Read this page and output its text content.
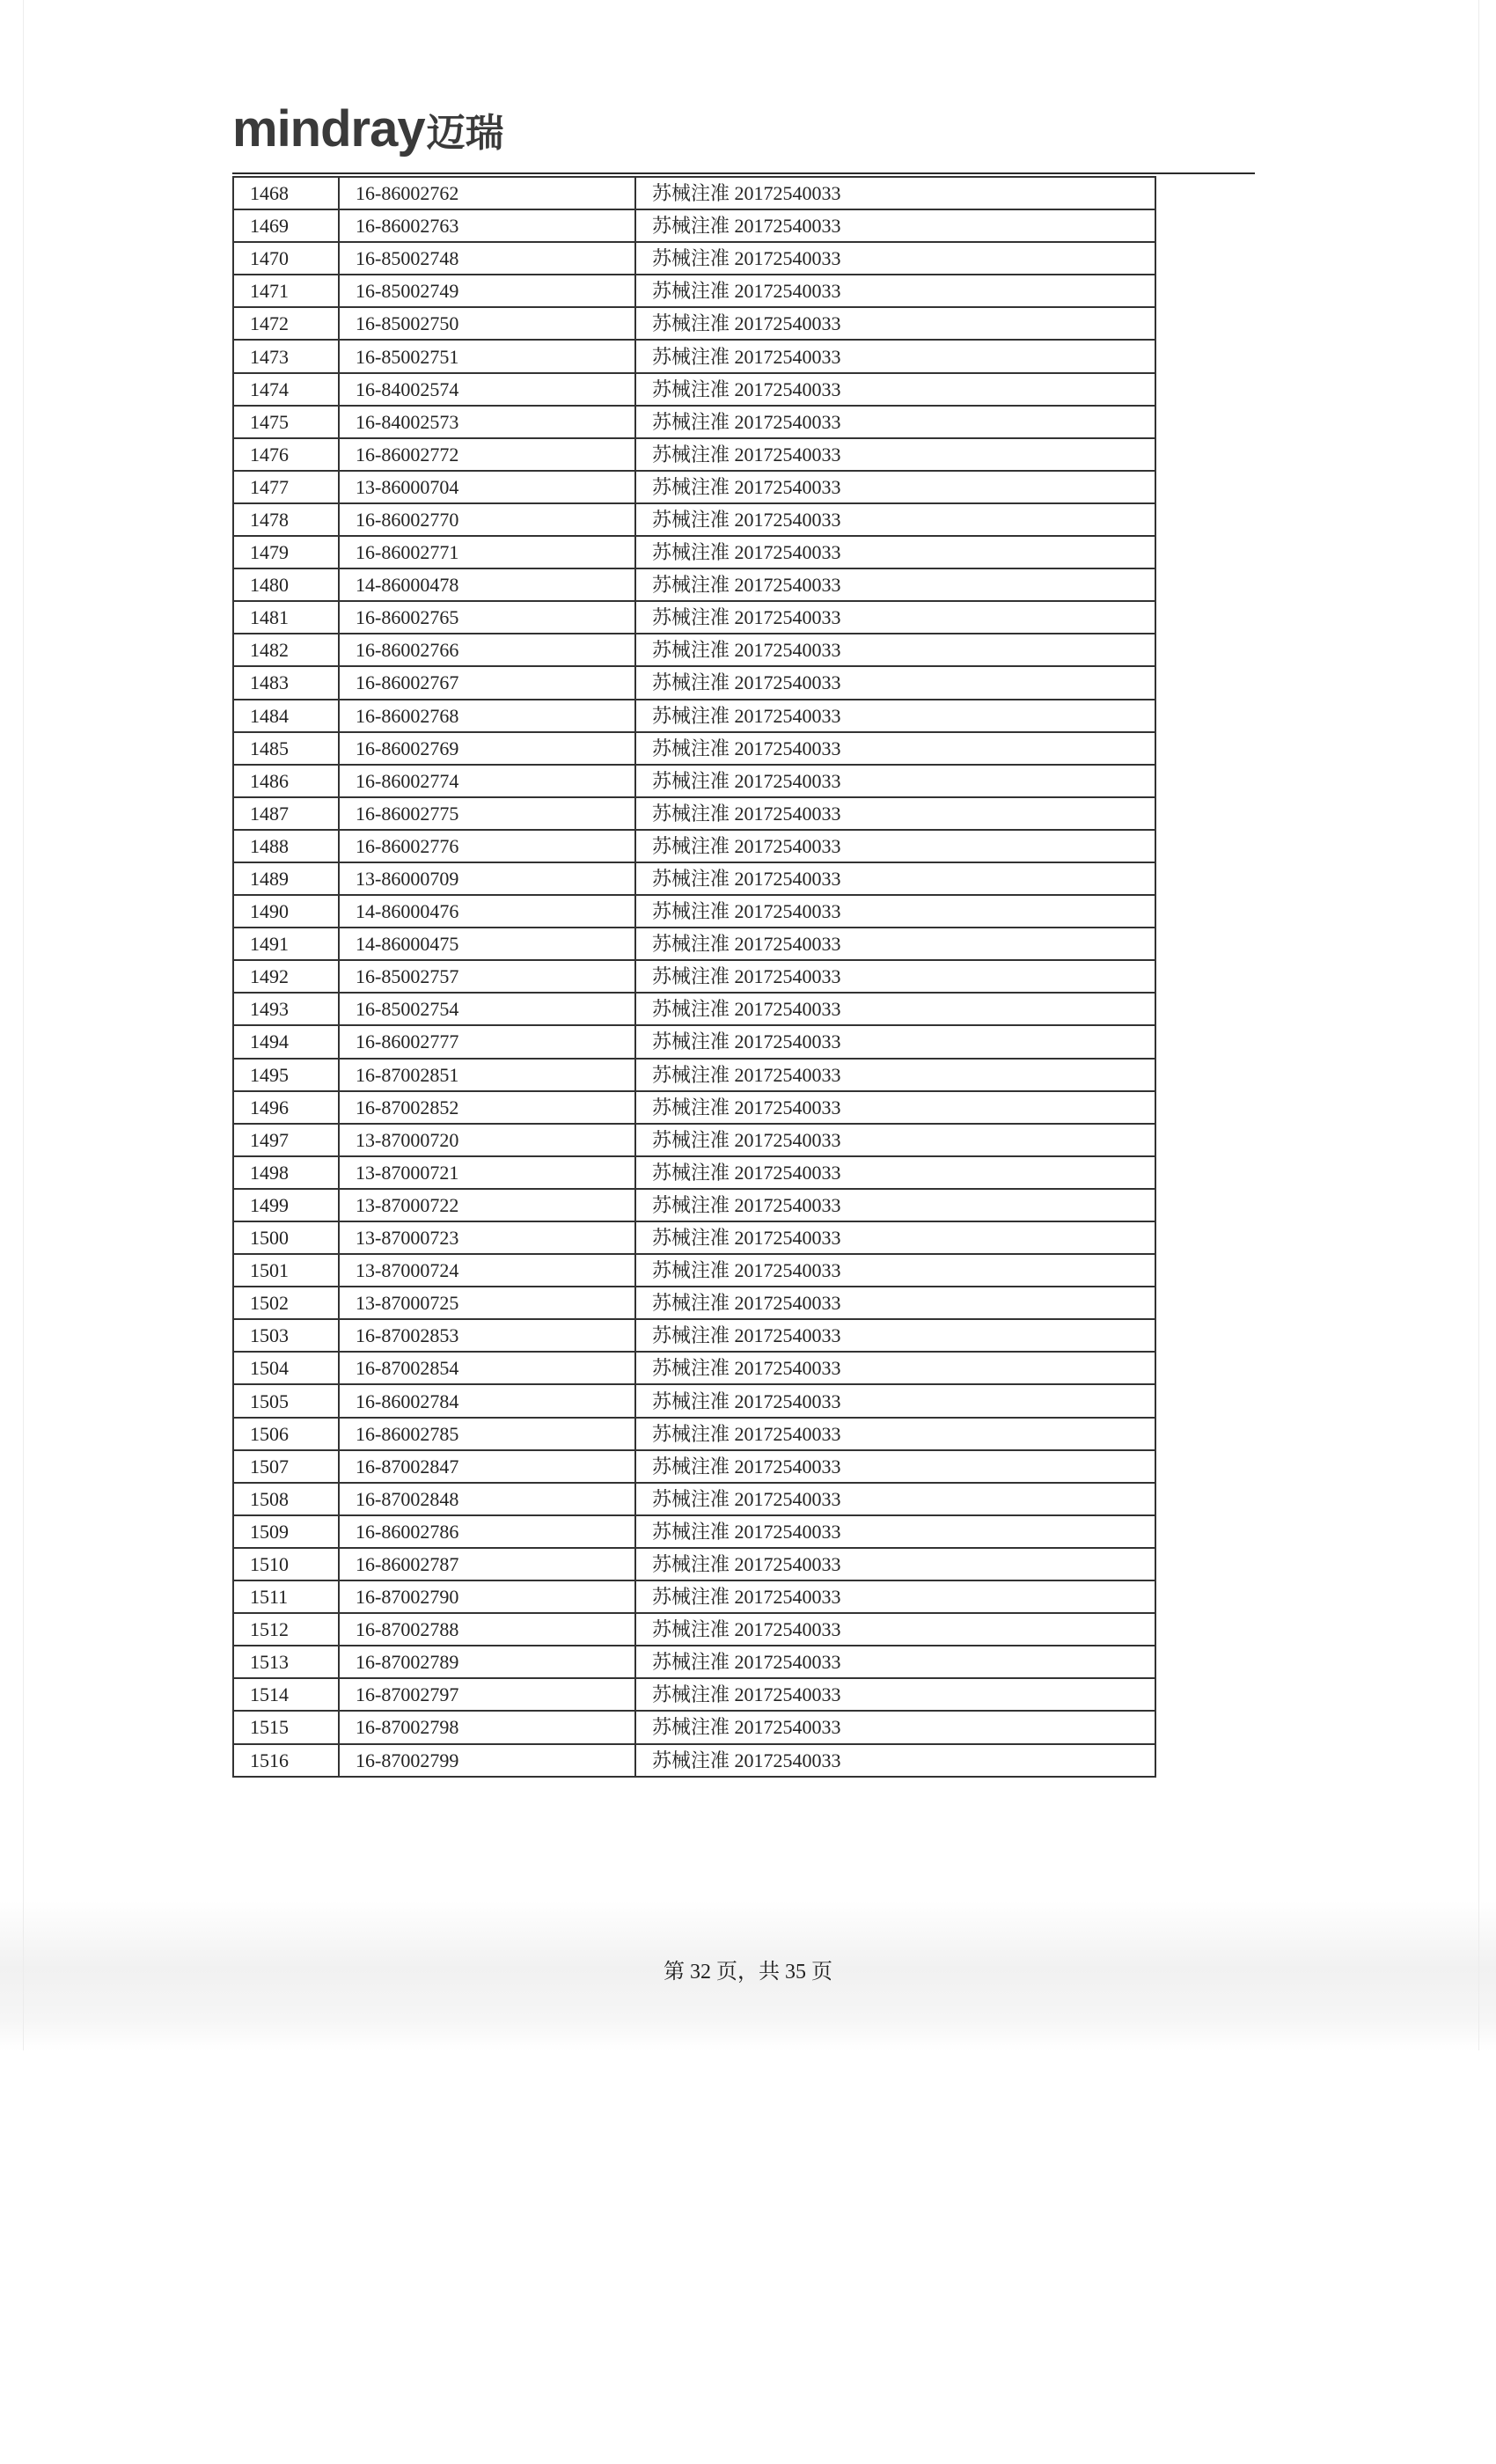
mindray迈瑞
1468	16-86002762	苏械注准 20172540033
1469	16-86002763	苏械注准 20172540033
1470	16-85002748	苏械注准 20172540033
1471	16-85002749	苏械注准 20172540033
1472	16-85002750	苏械注准 20172540033
1473	16-85002751	苏械注准 20172540033
1474	16-84002574	苏械注准 20172540033
1475	16-84002573	苏械注准 20172540033
1476	16-86002772	苏械注准 20172540033
1477	13-86000704	苏械注准 20172540033
1478	16-86002770	苏械注准 20172540033
1479	16-86002771	苏械注准 20172540033
1480	14-86000478	苏械注准 20172540033
1481	16-86002765	苏械注准 20172540033
1482	16-86002766	苏械注准 20172540033
1483	16-86002767	苏械注准 20172540033
1484	16-86002768	苏械注准 20172540033
1485	16-86002769	苏械注准 20172540033
1486	16-86002774	苏械注准 20172540033
1487	16-86002775	苏械注准 20172540033
1488	16-86002776	苏械注准 20172540033
1489	13-86000709	苏械注准 20172540033
1490	14-86000476	苏械注准 20172540033
1491	14-86000475	苏械注准 20172540033
1492	16-85002757	苏械注准 20172540033
1493	16-85002754	苏械注准 20172540033
1494	16-86002777	苏械注准 20172540033
1495	16-87002851	苏械注准 20172540033
1496	16-87002852	苏械注准 20172540033
1497	13-87000720	苏械注准 20172540033
1498	13-87000721	苏械注准 20172540033
1499	13-87000722	苏械注准 20172540033
1500	13-87000723	苏械注准 20172540033
1501	13-87000724	苏械注准 20172540033
1502	13-87000725	苏械注准 20172540033
1503	16-87002853	苏械注准 20172540033
1504	16-87002854	苏械注准 20172540033
1505	16-86002784	苏械注准 20172540033
1506	16-86002785	苏械注准 20172540033
1507	16-87002847	苏械注准 20172540033
1508	16-87002848	苏械注准 20172540033
1509	16-86002786	苏械注准 20172540033
1510	16-86002787	苏械注准 20172540033
1511	16-87002790	苏械注准 20172540033
1512	16-87002788	苏械注准 20172540033
1513	16-87002789	苏械注准 20172540033
1514	16-87002797	苏械注准 20172540033
1515	16-87002798	苏械注准 20172540033
1516	16-87002799	苏械注准 20172540033
第 32 页，共 35 页
